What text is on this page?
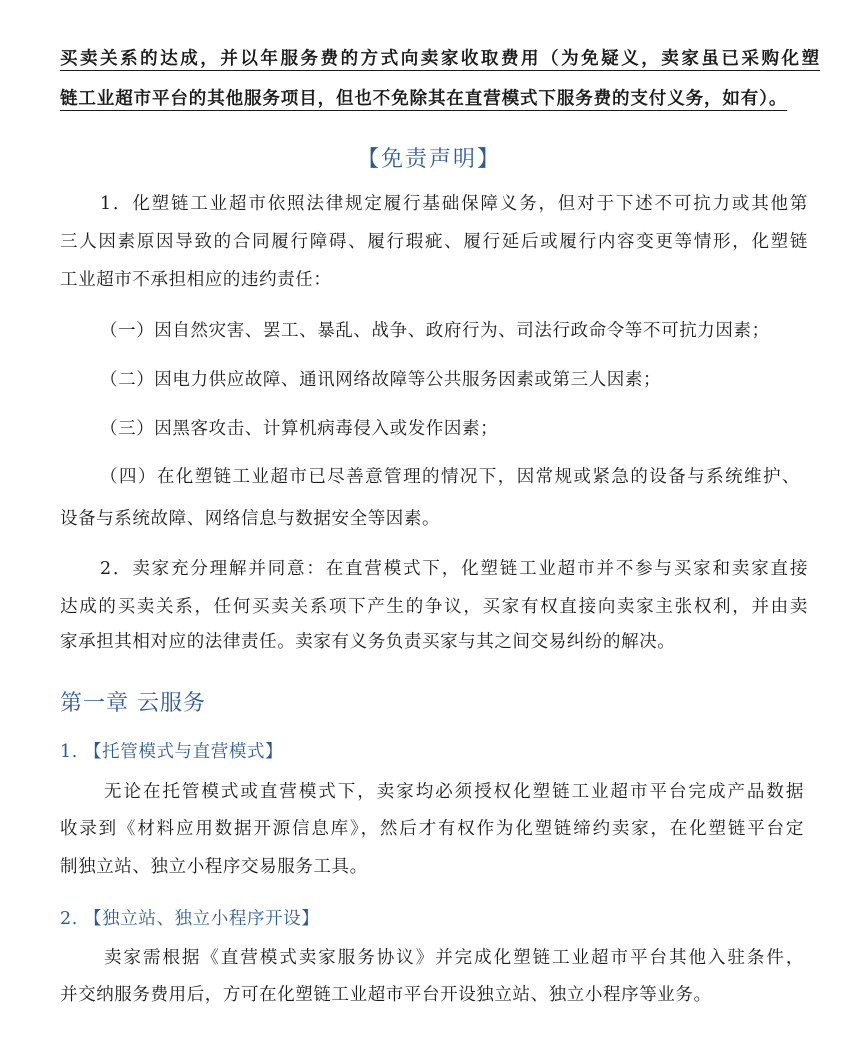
买卖关系的达成，并以年服务费的方式向卖家收取费用（为免疑义，卖家虽已采购化塑
链工业超市平台的其他服务项目，但也不免除其在直营模式下服务费的支付义务，如有）。
【免责声明】
1．化塑链工业超市依照法律规定履行基础保障义务，但对于下述不可抗力或其他第
三人因素原因导致的合同履行障碍、履行瑕疵、履行延后或履行内容变更等情形，化塑链
工业超市不承担相应的违约责任：
（一）因自然灾害、罢工、暴乱、战争、政府行为、司法行政命令等不可抗力因素；
（二）因电力供应故障、通讯网络故障等公共服务因素或第三人因素；
（三）因黑客攻击、计算机病毒侵入或发作因素；
（四）在化塑链工业超市已尽善意管理的情况下，因常规或紧急的设备与系统维护、
设备与系统故障、网络信息与数据安全等因素。
2．卖家充分理解并同意：在直营模式下，化塑链工业超市并不参与买家和卖家直接
达成的买卖关系，任何买卖关系项下产生的争议，买家有权直接向卖家主张权利，并由卖
家承担其相对应的法律责任。卖家有义务负责买家与其之间交易纠纷的解决。
第一章 云服务
1. 【托管模式与直营模式】
无论在托管模式或直营模式下，卖家均必须授权化塑链工业超市平台完成产品数据
收录到《材料应用数据开源信息库》，然后才有权作为化塑链缔约卖家，在化塑链平台定
制独立站、独立小程序交易服务工具。
2. 【独立站、独立小程序开设】
卖家需根据《直营模式卖家服务协议》并完成化塑链工业超市平台其他入驻条件，
并交纳服务费用后，方可在化塑链工业超市平台开设独立站、独立小程序等业务。
